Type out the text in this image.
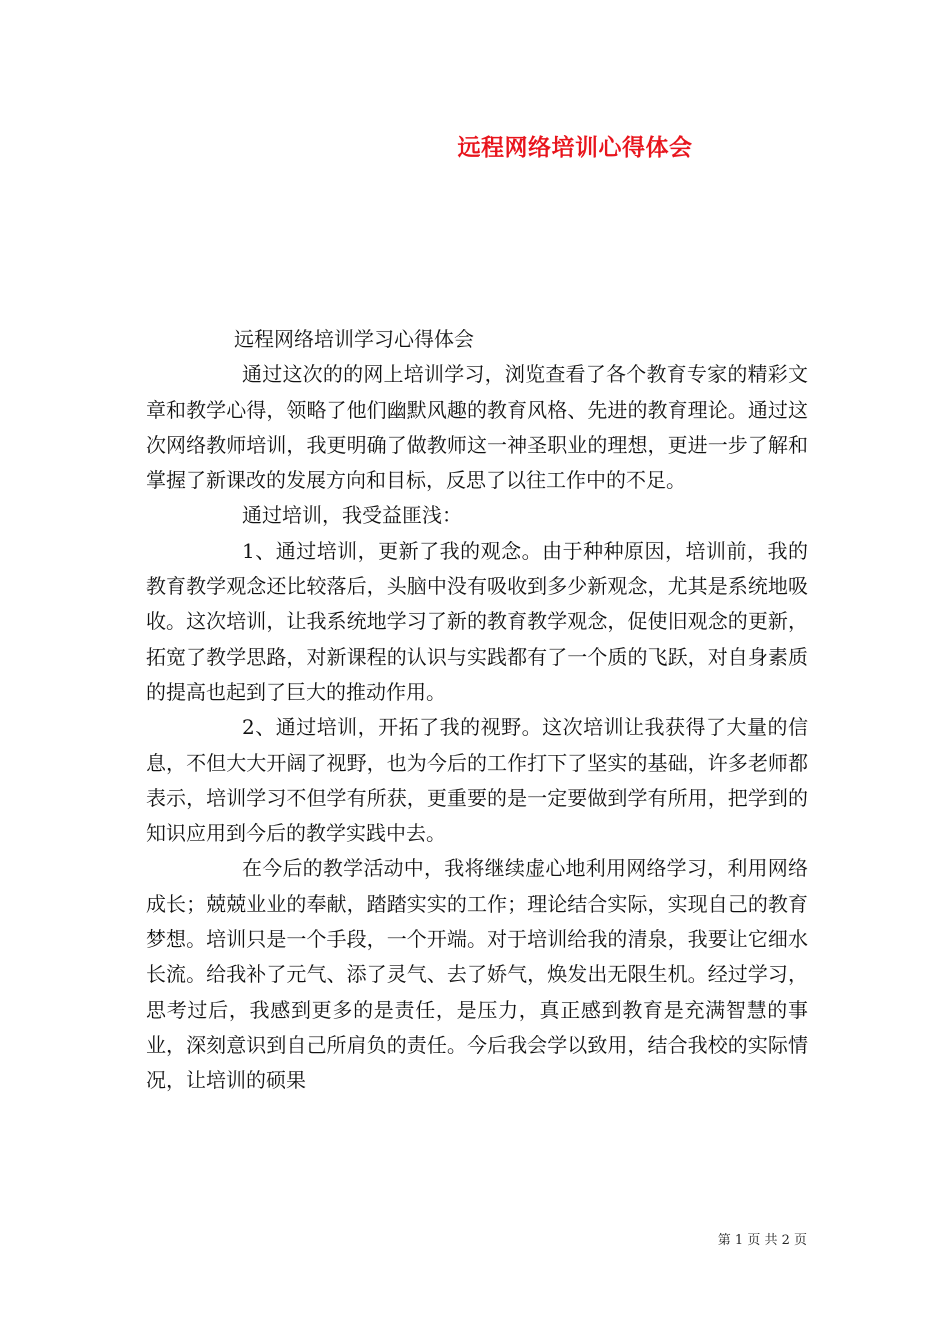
远程网络培训心得体会

远程网络培训学习心得体会

通过这次的的网上培训学习，浏览查看了各个教育专家的精彩文章和教学心得，领略了他们幽默风趣的教育风格、先进的教育理论。通过这次网络教师培训，我更明确了做教师这一神圣职业的理想，更进一步了解和掌握了新课改的发展方向和目标，反思了以往工作中的不足。

通过培训，我受益匪浅：

1、通过培训，更新了我的观念。由于种种原因，培训前，我的教育教学观念还比较落后，头脑中没有吸收到多少新观念，尤其是系统地吸收。这次培训，让我系统地学习了新的教育教学观念，促使旧观念的更新，拓宽了教学思路，对新课程的认识与实践都有了一个质的飞跃，对自身素质的提高也起到了巨大的推动作用。

2、通过培训，开拓了我的视野。这次培训让我获得了大量的信息，不但大大开阔了视野，也为今后的工作打下了坚实的基础，许多老师都表示，培训学习不但学有所获，更重要的是一定要做到学有所用，把学到的知识应用到今后的教学实践中去。

在今后的教学活动中，我将继续虚心地利用网络学习，利用网络成长；兢兢业业的奉献，踏踏实实的工作；理论结合实际，实现自己的教育梦想。培训只是一个手段，一个开端。对于培训给我的清泉，我要让它细水长流。给我补了元气、添了灵气、去了娇气，焕发出无限生机。经过学习，思考过后，我感到更多的是责任，是压力，真正感到教育是充满智慧的事业，深刻意识到自己所肩负的责任。今后我会学以致用，结合我校的实际情况，让培训的硕果

第 1 页 共 2 页
